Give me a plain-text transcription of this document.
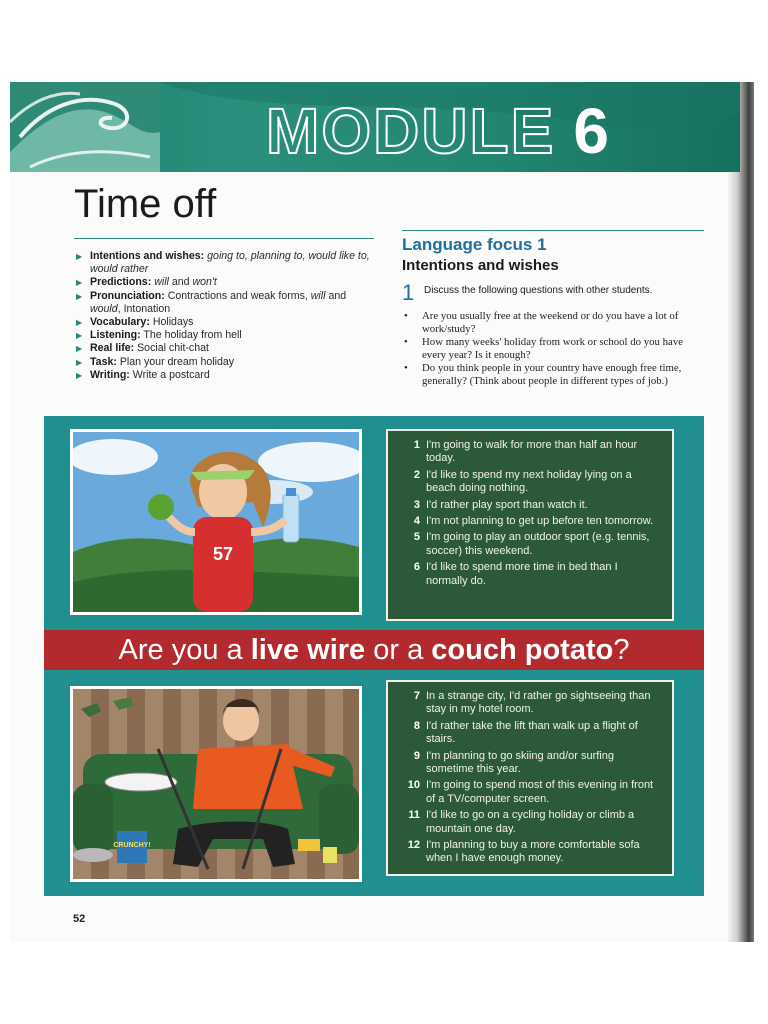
MODULE 6
Time off
▶ Intentions and wishes: going to, planning to, would like to, would rather
▶ Predictions: will and won't
▶ Pronunciation: Contractions and weak forms, will and would, Intonation
▶ Vocabulary: Holidays
▶ Listening: The holiday from hell
▶ Real life: Social chit-chat
▶ Task: Plan your dream holiday
▶ Writing: Write a postcard
Language focus 1
Intentions and wishes
1 Discuss the following questions with other students.
• Are you usually free at the weekend or do you have a lot of work/study?
• How many weeks' holiday from work or school do you have every year? Is it enough?
• Do you think people in your country have enough free time, generally? (Think about people in different types of job.)
57
1 I'm going to walk for more than half an hour today.
2 I'd like to spend my next holiday lying on a beach doing nothing.
3 I'd rather play sport than watch it.
4 I'm not planning to get up before ten tomorrow.
5 I'm going to play an outdoor sport (e.g. tennis, soccer) this weekend.
6 I'd like to spend more time in bed than I normally do.
Are you a live wire or a couch potato?
CRUNCHY!
7 In a strange city, I'd rather go sightseeing than stay in my hotel room.
8 I'd rather take the lift than walk up a flight of stairs.
9 I'm planning to go skiing and/or surfing sometime this year.
10 I'm going to spend most of this evening in front of a TV/computer screen.
11 I'd like to go on a cycling holiday or climb a mountain one day.
12 I'm planning to buy a more comfortable sofa when I have enough money.
52
